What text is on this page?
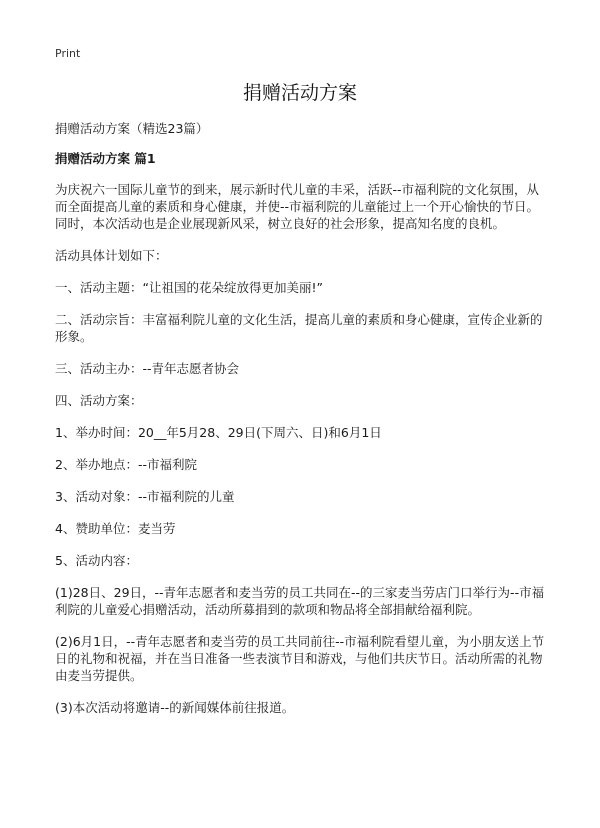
Print
捐赠活动方案

捐赠活动方案（精选23篇）

捐赠活动方案 篇1

为庆祝六一国际儿童节的到来，展示新时代儿童的丰采，活跃--市福利院的文化氛围，从而全面提高儿童的素质和身心健康，并使--市福利院的儿童能过上一个开心愉快的节日。同时，本次活动也是企业展现新风采，树立良好的社会形象，提高知名度的良机。

活动具体计划如下：

一、活动主题：“让祖国的花朵绽放得更加美丽!”

二、活动宗旨：丰富福利院儿童的文化生活，提高儿童的素质和身心健康，宣传企业新的形象。

三、活动主办：--青年志愿者协会

四、活动方案：

1、举办时间：20__年5月28、29日(下周六、日)和6月1日

2、举办地点：--市福利院

3、活动对象：--市福利院的儿童

4、赞助单位：麦当劳

5、活动内容：

(1)28日、29日，--青年志愿者和麦当劳的员工共同在--的三家麦当劳店门口举行为--市福利院的儿童爱心捐赠活动，活动所募捐到的款项和物品将全部捐献给福利院。

(2)6月1日，--青年志愿者和麦当劳的员工共同前往--市福利院看望儿童，为小朋友送上节日的礼物和祝福，并在当日准备一些表演节目和游戏，与他们共庆节日。活动所需的礼物由麦当劳提供。

(3)本次活动将邀请--的新闻媒体前往报道。
